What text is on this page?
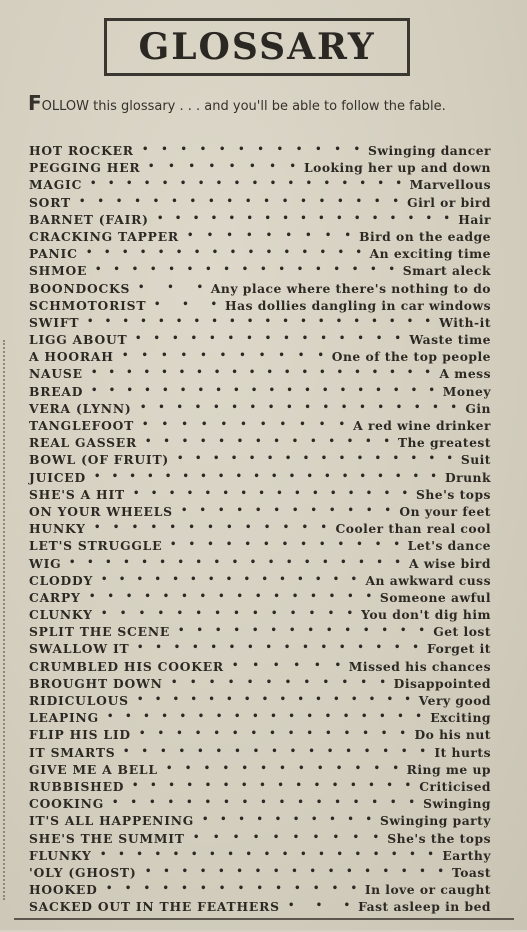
GLOSSARY
FOLLOW this glossary . . . and you'll be able to follow the fable.
HOT ROCKER • • • • • • • • • • • • Swinging dancer
PEGGING HER • • • • • • • • Looking her up and down
MAGIC • • • • • • • • • • • • • • • • • • Marvellous
SORT • • • • • • • • • • • • • • • • • • Girl or bird
BARNET (FAIR) • • • • • • • • • • • • • • • • • Hair
CRACKING TAPPER • • • • • • • • • Bird on the eadge
PANIC • • • • • • • • • • • • • • • • An exciting time
SHMOE • • • • • • • • • • • • • • • • • Smart aleck
BOONDOCKS • • • Any place where there's nothing to do
SCHMOTORIST • • • Has dollies dangling in car windows
SWIFT • • • • • • • • • • • • • • • • • • • • With-it
LIGG ABOUT • • • • • • • • • • • • • • • Waste time
A HOORAH • • • • • • • • • • • One of the top people
NAUSE • • • • • • • • • • • • • • • • • • • • A mess
BREAD • • • • • • • • • • • • • • • • • • • • Money
VERA (LYNN) • • • • • • • • • • • • • • • • • • Gin
TANGLEFOOT • • • • • • • • • • • A red wine drinker
REAL GASSER • • • • • • • • • • • • • • The greatest
BOWL (OF FRUIT) • • • • • • • • • • • • • • • • Suit
JUICED • • • • • • • • • • • • • • • • • • • • Drunk
SHE'S A HIT • • • • • • • • • • • • • • • • She's tops
ON YOUR WHEELS • • • • • • • • • • • • On your feet
HUNKY • • • • • • • • • • • • • Cooler than real cool
LET'S STRUGGLE • • • • • • • • • • • • • Let's dance
WIG • • • • • • • • • • • • • • • • • • • A wise bird
CLODDY • • • • • • • • • • • • • • • An awkward cuss
CARPY • • • • • • • • • • • • • • • • Someone awful
CLUNKY • • • • • • • • • • • • • • You don't dig him
SPLIT THE SCENE • • • • • • • • • • • • • • Get lost
SWALLOW IT • • • • • • • • • • • • • • • • Forget it
CRUMBLED HIS COOKER • • • • • • Missed his chances
BROUGHT DOWN • • • • • • • • • • • • Disappointed
RIDICULOUS • • • • • • • • • • • • • • • • Very good
LEAPING • • • • • • • • • • • • • • • • • • Exciting
FLIP HIS LID • • • • • • • • • • • • • • • Do his nut
IT SMARTS • • • • • • • • • • • • • • • • • It hurts
GIVE ME A BELL • • • • • • • • • • • • • Ring me up
RUBBISHED • • • • • • • • • • • • • • • • Criticised
COOKING • • • • • • • • • • • • • • • • • Swinging
IT'S ALL HAPPENING • • • • • • • • • • Swinging party
SHE'S THE SUMMIT • • • • • • • • • • She's the tops
FLUNKY • • • • • • • • • • • • • • • • • • • Earthy
'OLY (GHOST) • • • • • • • • • • • • • • • • • Toast
HOOKED • • • • • • • • • • • • • • In love or caught
SACKED OUT IN THE FEATHERS • • • Fast asleep in bed
